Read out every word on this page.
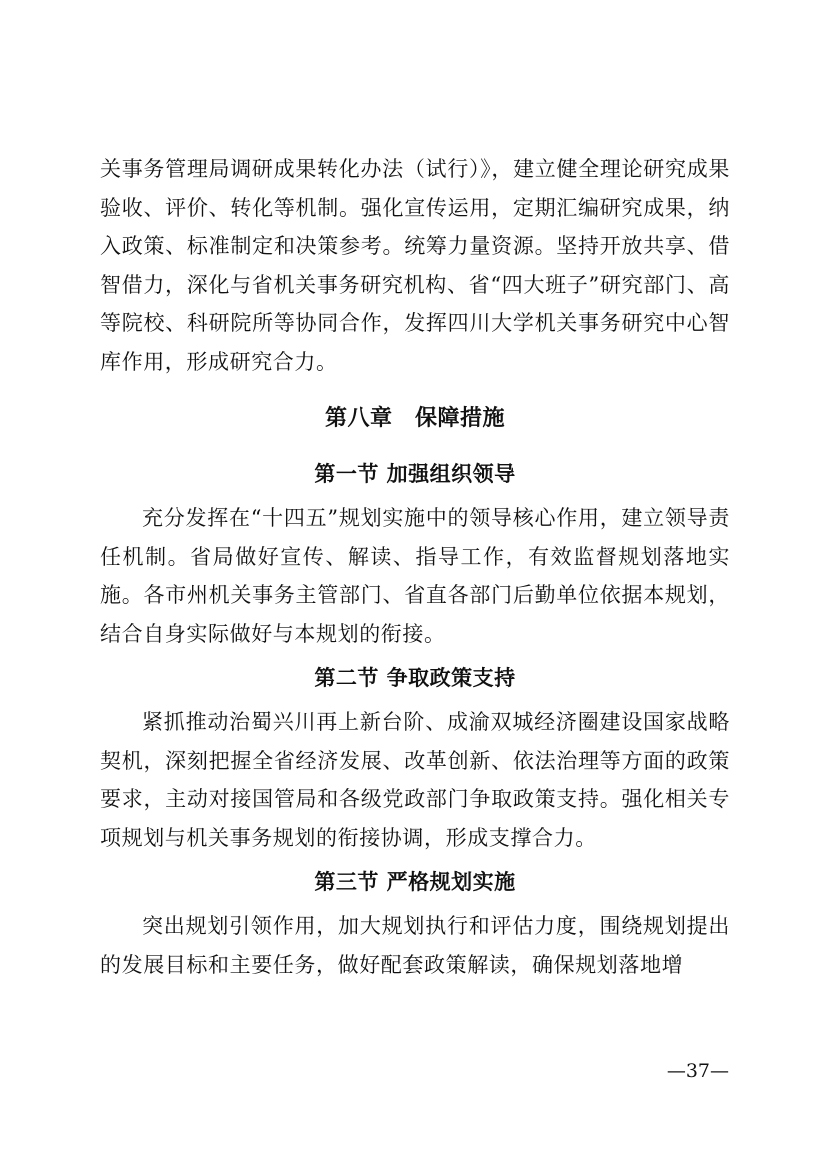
关事务管理局调研成果转化办法（试行）》，建立健全理论研究成果验收、评价、转化等机制。强化宣传运用，定期汇编研究成果，纳入政策、标准制定和决策参考。统筹力量资源。坚持开放共享、借智借力，深化与省机关事务研究机构、省“四大班子”研究部门、高等院校、科研院所等协同合作，发挥四川大学机关事务研究中心智库作用，形成研究合力。

第八章　保障措施
第一节 加强组织领导

充分发挥在“十四五”规划实施中的领导核心作用，建立领导责任机制。省局做好宣传、解读、指导工作，有效监督规划落地实施。各市州机关事务主管部门、省直各部门后勤单位依据本规划，结合自身实际做好与本规划的衔接。

第二节 争取政策支持

紧抓推动治蜀兴川再上新台阶、成渝双城经济圈建设国家战略契机，深刻把握全省经济发展、改革创新、依法治理等方面的政策要求，主动对接国管局和各级党政部门争取政策支持。强化相关专项规划与机关事务规划的衔接协调，形成支撑合力。

第三节 严格规划实施

突出规划引领作用，加大规划执行和评估力度，围绕规划提出的发展目标和主要任务，做好配套政策解读，确保规划落地增

—37—
